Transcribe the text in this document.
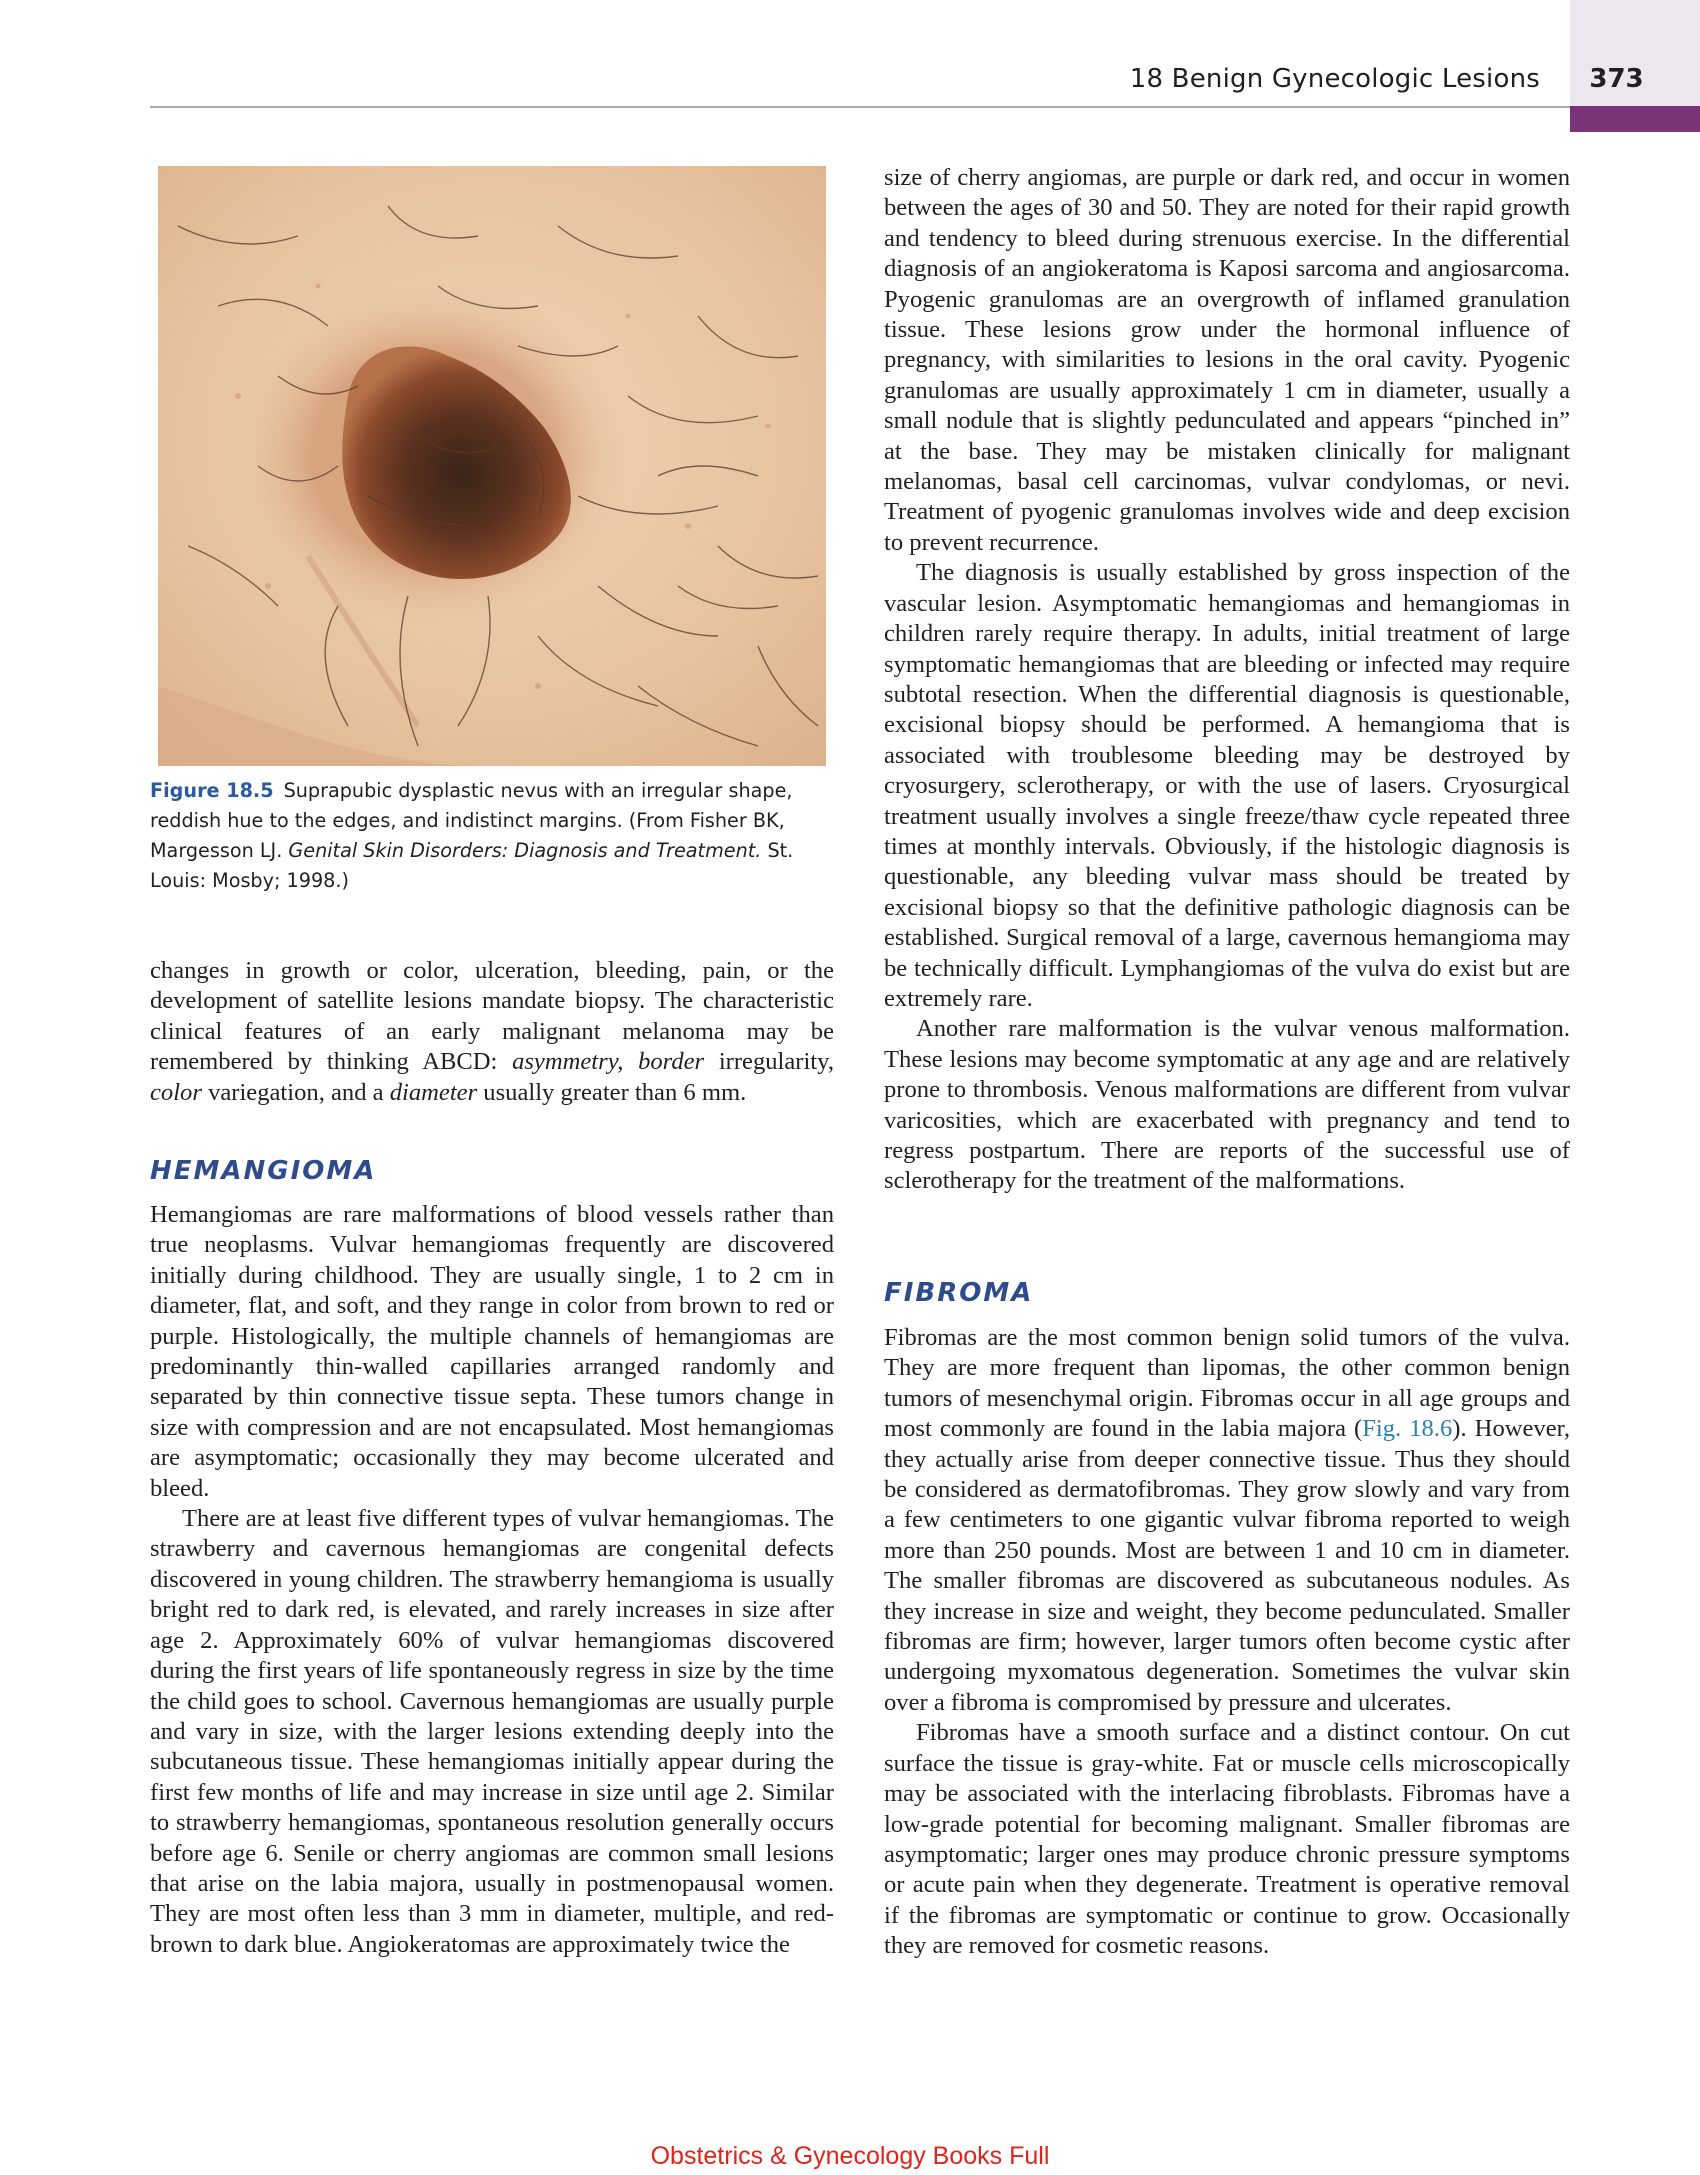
18 Benign Gynecologic Lesions	373
Figure 18.5 Suprapubic dysplastic nevus with an irregular shape, reddish hue to the edges, and indistinct margins. (From Fisher BK, Margesson LJ. Genital Skin Disorders: Diagnosis and Treatment. St. Louis: Mosby; 1998.)

changes in growth or color, ulceration, bleeding, pain, or the development of satellite lesions mandate biopsy. The characteristic clinical features of an early malignant melanoma may be remembered by thinking ABCD: asymmetry, border irregularity, color variegation, and a diameter usually greater than 6 mm.

HEMANGIOMA

Hemangiomas are rare malformations of blood vessels rather than true neoplasms. Vulvar hemangiomas frequently are discovered initially during childhood. They are usually single, 1 to 2 cm in diameter, flat, and soft, and they range in color from brown to red or purple. Histologically, the multiple channels of hemangiomas are predominantly thin-walled capillaries arranged randomly and separated by thin connective tissue septa. These tumors change in size with compression and are not encapsulated. Most hemangiomas are asymptomatic; occasionally they may become ulcerated and bleed.

There are at least five different types of vulvar hemangiomas. The strawberry and cavernous hemangiomas are congenital defects discovered in young children. The strawberry hemangioma is usually bright red to dark red, is elevated, and rarely increases in size after age 2. Approximately 60% of vulvar hemangiomas discovered during the first years of life spontaneously regress in size by the time the child goes to school. Cavernous hemangiomas are usually purple and vary in size, with the larger lesions extending deeply into the subcutaneous tissue. These hemangiomas initially appear during the first few months of life and may increase in size until age 2. Similar to strawberry hemangiomas, spontaneous resolution generally occurs before age 6. Senile or cherry angiomas are common small lesions that arise on the labia majora, usually in postmenopausal women. They are most often less than 3 mm in diameter, multiple, and red-brown to dark blue. Angiokeratomas are approximately twice the

size of cherry angiomas, are purple or dark red, and occur in women between the ages of 30 and 50. They are noted for their rapid growth and tendency to bleed during strenuous exercise. In the differential diagnosis of an angiokeratoma is Kaposi sarcoma and angiosarcoma. Pyogenic granulomas are an overgrowth of inflamed granulation tissue. These lesions grow under the hormonal influence of pregnancy, with similarities to lesions in the oral cavity. Pyogenic granulomas are usually approximately 1 cm in diameter, usually a small nodule that is slightly pedunculated and appears “pinched in” at the base. They may be mistaken clinically for malignant melanomas, basal cell carcinomas, vulvar condylomas, or nevi. Treatment of pyogenic granulomas involves wide and deep excision to prevent recurrence.

The diagnosis is usually established by gross inspection of the vascular lesion. Asymptomatic hemangiomas and hemangiomas in children rarely require therapy. In adults, initial treatment of large symptomatic hemangiomas that are bleeding or infected may require subtotal resection. When the differential diagnosis is questionable, excisional biopsy should be performed. A hemangioma that is associated with troublesome bleeding may be destroyed by cryosurgery, sclerotherapy, or with the use of lasers. Cryosurgical treatment usually involves a single freeze/thaw cycle repeated three times at monthly intervals. Obviously, if the histologic diagnosis is questionable, any bleeding vulvar mass should be treated by excisional biopsy so that the definitive pathologic diagnosis can be established. Surgical removal of a large, cavernous hemangioma may be technically difficult. Lymphangiomas of the vulva do exist but are extremely rare.

Another rare malformation is the vulvar venous malformation. These lesions may become symptomatic at any age and are relatively prone to thrombosis. Venous malformations are different from vulvar varicosities, which are exacerbated with pregnancy and tend to regress postpartum. There are reports of the successful use of sclerotherapy for the treatment of the malformations.

FIBROMA

Fibromas are the most common benign solid tumors of the vulva. They are more frequent than lipomas, the other common benign tumors of mesenchymal origin. Fibromas occur in all age groups and most commonly are found in the labia majora (Fig. 18.6). However, they actually arise from deeper connective tissue. Thus they should be considered as dermatofibromas. They grow slowly and vary from a few centimeters to one gigantic vulvar fibroma reported to weigh more than 250 pounds. Most are between 1 and 10 cm in diameter. The smaller fibromas are discovered as subcutaneous nodules. As they increase in size and weight, they become pedunculated. Smaller fibromas are firm; however, larger tumors often become cystic after undergoing myxomatous degeneration. Sometimes the vulvar skin over a fibroma is compromised by pressure and ulcerates.

Fibromas have a smooth surface and a distinct contour. On cut surface the tissue is gray-white. Fat or muscle cells microscopically may be associated with the interlacing fibroblasts. Fibromas have a low-grade potential for becoming malignant. Smaller fibromas are asymptomatic; larger ones may produce chronic pressure symptoms or acute pain when they degenerate. Treatment is operative removal if the fibromas are symptomatic or continue to grow. Occasionally they are removed for cosmetic reasons.

Obstetrics & Gynecology Books Full
